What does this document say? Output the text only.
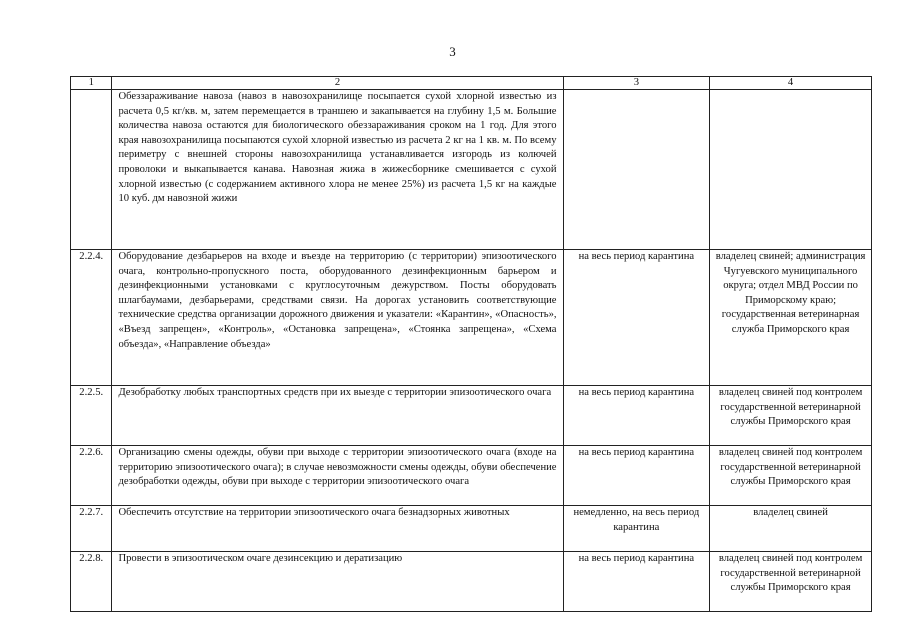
3
1	2	3	4
	Обеззараживание навоза (навоз в навозохранилище посыпается сухой хлорной известью из расчета 0,5 кг/кв. м, затем перемещается в траншею и закапывается на глубину 1,5 м. Большие количества навоза остаются для биологического обеззараживания сроком на 1 год. Для этого края навозохранилища посыпаются сухой хлорной известью из расчета 2 кг на 1 кв. м. По всему периметру с внешней стороны навозохранилища устанавливается изгородь из колючей проволоки и выкапывается канава. Навозная жижа в жижесборнике смешивается с сухой хлорной известью (с содержанием активного хлора не менее 25%) из расчета 1,5 кг на каждые 10 куб. дм навозной жижи		
2.2.4.	Оборудование дезбарьеров на входе и въезде на территорию (с территории) эпизоотического очага, контрольно-пропускного поста, оборудованного дезинфекционным барьером и дезинфекционными установками с круглосуточным дежурством. Посты оборудовать шлагбаумами, дезбарьерами, средствами связи. На дорогах установить соответствующие технические средства организации дорожного движения и указатели: «Карантин», «Опасность», «Въезд запрещен», «Контроль», «Остановка запрещена», «Стоянка запрещена», «Схема объезда», «Направление объезда»	на весь период карантина	владелец свиней; администрация Чугуевского муниципального округа; отдел МВД России по Приморскому краю; государственная ветеринарная служба Приморского края
2.2.5.	Дезобработку любых транспортных средств при их выезде с территории эпизоотического очага	на весь период карантина	владелец свиней под контролем государственной ветеринарной службы Приморского края
2.2.6.	Организацию смены одежды, обуви при выходе с территории эпизоотического очага (входе на территорию эпизоотического очага); в случае невозможности смены одежды, обуви обеспечение дезобработки одежды, обуви при выходе с территории эпизоотического очага	на весь период карантина	владелец свиней под контролем государственной ветеринарной службы Приморского края
2.2.7.	Обеспечить отсутствие на территории эпизоотического очага безнадзорных животных	немедленно, на весь период карантина	владелец свиней
2.2.8.	Провести в эпизоотическом очаге дезинсекцию и дератизацию	на весь период карантина	владелец свиней под контролем государственной ветеринарной службы Приморского края
